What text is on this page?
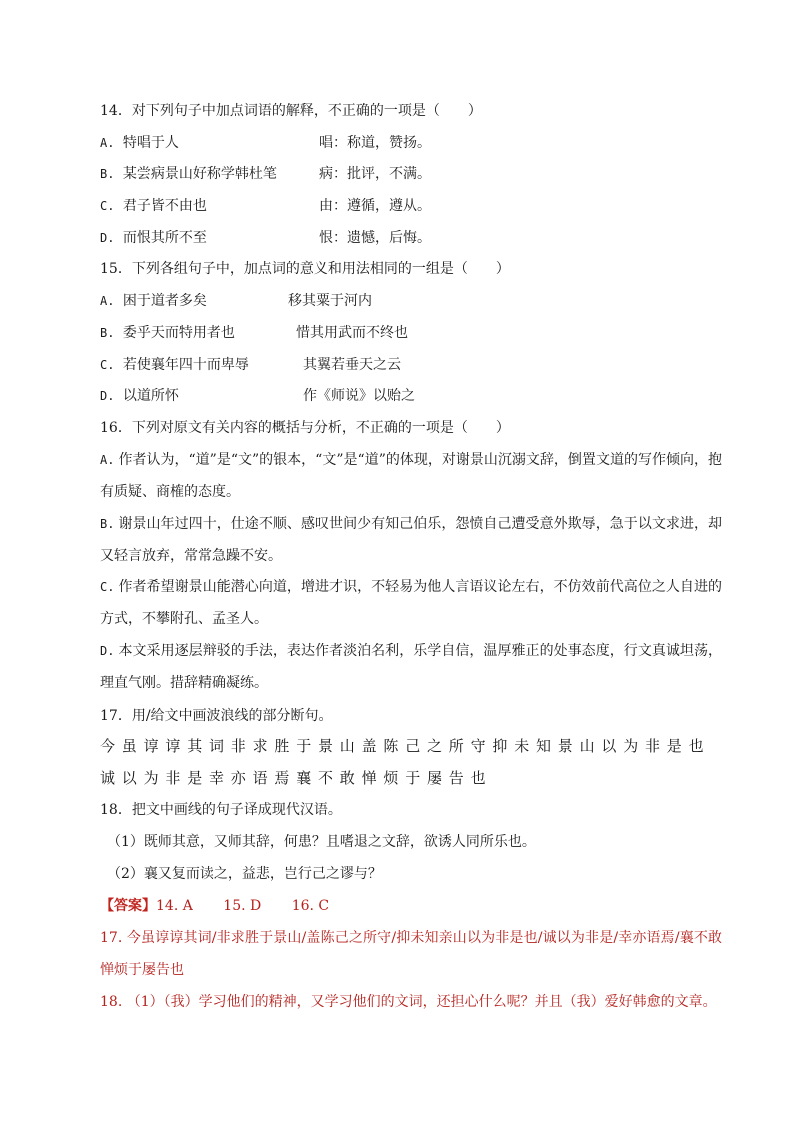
14．对下列句子中加点词语的解释，不正确的一项是（　　）
A. 特唱于人	唱：称道，赞扬。
B. 某尝病景山好称学韩杜笔	病：批评，不满。
C. 君子皆不由也	由：遵循，遵从。
D. 而恨其所不至	恨：遗憾，后悔。
15．下列各组句子中，加点词的意义和用法相同的一组是（　　）
A. 困于道者多矣	移其粟于河内
B. 委乎天而特用者也	惜其用武而不终也
C. 若使襄年四十而卑辱	其翼若垂天之云
D. 以道所怀	作《师说》以贻之
16．下列对原文有关内容的概括与分析，不正确的一项是（　　）
A. 作者认为，“道”是“文”的银本，“文”是“道”的体现，对谢景山沉溺文辞，倒置文道的写作倾向，抱有质疑、商榷的态度。
B. 谢景山年过四十，仕途不顺、感叹世间少有知己伯乐，怨愤自己遭受意外欺辱，急于以文求进，却又轻言放弃，常常急躁不安。
C. 作者希望谢景山能潜心向道，增进才识，不轻易为他人言语议论左右，不仿效前代高位之人自进的方式，不攀附孔、孟圣人。
D. 本文采用逐层辩驳的手法，表达作者淡泊名利，乐学自信，温厚雅正的处事态度，行文真诚坦荡，理直气刚。措辞精确凝练。
17．用/给文中画波浪线的部分断句。
今虽谆谆其词非求胜于景山盖陈己之所守抑未知景山以为非是也诚以为非是幸亦语焉襄不敢惮烦于屡告也
18．把文中画线的句子译成现代汉语。
（1）既师其意，又师其辞，何患？且嗜退之文辞，欲诱人同所乐也。
（2）襄又复而读之，益悲，岂行己之谬与？
【答案】14. A 15. D 16. C
17. 今虽谆谆其词/非求胜于景山/盖陈己之所守/抑未知亲山以为非是也/诚以为非是/幸亦语焉/襄不敢惮烦于屡告也
18. （1）（我）学习他们的精神，又学习他们的文词，还担心什么呢？并且（我）爱好韩愈的文章。
